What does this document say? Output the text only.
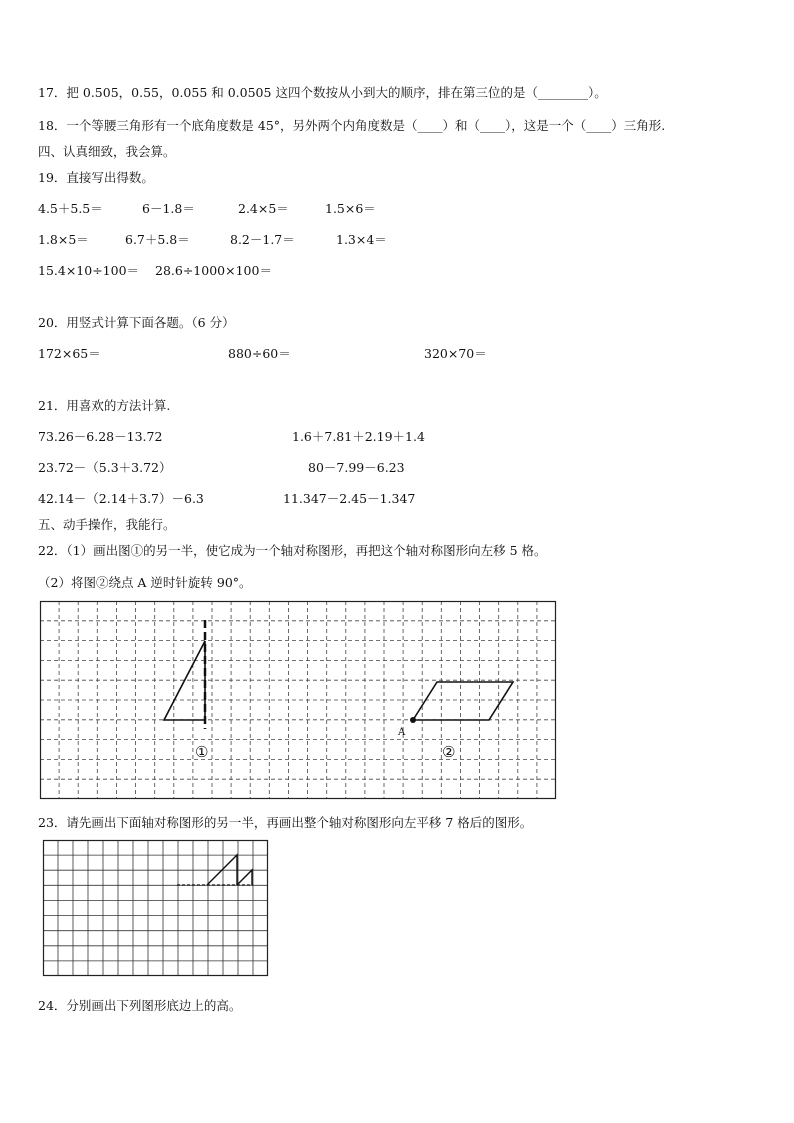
17．把 0.505，0.55，0.055 和 0.0505 这四个数按从小到大的顺序，排在第三位的是（________）。
18．一个等腰三角形有一个底角度数是 45°，另外两个内角度数是（____）和（____），这是一个（____）三角形.
四、认真细致，我会算。
19．直接写出得数。
4.5＋5.5＝	6－1.8＝	2.4×5＝	1.5×6＝
1.8×5＝	6.7＋5.8＝	8.2－1.7＝	1.3×4＝
15.4×10÷100＝ 28.6÷1000×100＝
20．用竖式计算下面各题。（6 分）
172×65＝	880÷60＝	320×70＝
21．用喜欢的方法计算.
73.26－6.28－13.72	1.6＋7.81＋2.19＋1.4
23.72－（5.3＋3.72）	80－7.99－6.23
42.14－（2.14＋3.7）－6.3	11.347－2.45－1.347
五、动手操作，我能行。
22．（1）画出图①的另一半，使它成为一个轴对称图形，再把这个轴对称图形向左移 5 格。
（2）将图②绕点 A 逆时针旋转 90°。
A
①	②
23．请先画出下面轴对称图形的另一半，再画出整个轴对称图形向左平移 7 格后的图形。
24．分别画出下列图形底边上的高。
